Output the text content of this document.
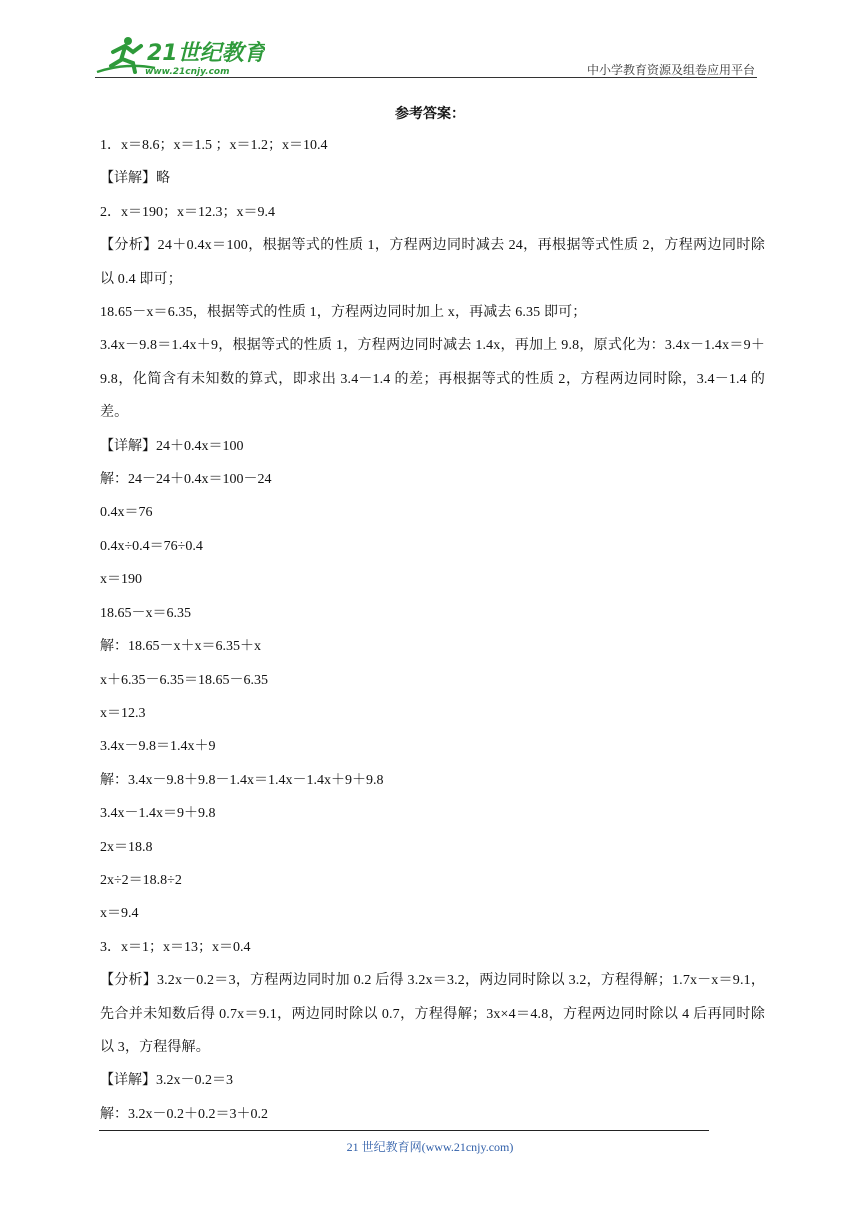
21世纪教育
www.21cnjy.com	中小学教育资源及组卷应用平台
参考答案：

1．x＝8.6；x＝1.5 ；x＝1.2；x＝10.4

【详解】略

2．x＝190；x＝12.3；x＝9.4

【分析】24＋0.4x＝100，根据等式的性质 1，方程两边同时减去 24，再根据等式性质 2，方程两边同时除以 0.4 即可；

18.65－x＝6.35，根据等式的性质 1，方程两边同时加上 x，再减去 6.35 即可；

3.4x－9.8＝1.4x＋9，根据等式的性质 1，方程两边同时减去 1.4x，再加上 9.8，原式化为：3.4x－1.4x＝9＋9.8，化简含有未知数的算式，即求出 3.4－1.4 的差；再根据等式的性质 2，方程两边同时除，3.4－1.4 的差。

【详解】24＋0.4x＝100

解：24－24＋0.4x＝100－24

0.4x＝76

0.4x÷0.4＝76÷0.4

x＝190

18.65－x＝6.35

解：18.65－x＋x＝6.35＋x

x＋6.35－6.35＝18.65－6.35

x＝12.3

3.4x－9.8＝1.4x＋9

解：3.4x－9.8＋9.8－1.4x＝1.4x－1.4x＋9＋9.8

3.4x－1.4x＝9＋9.8

2x＝18.8

2x÷2＝18.8÷2

x＝9.4

3．x＝1；x＝13；x＝0.4

【分析】3.2x－0.2＝3，方程两边同时加 0.2 后得 3.2x＝3.2，两边同时除以 3.2，方程得解；1.7x－x＝9.1，先合并未知数后得 0.7x＝9.1，两边同时除以 0.7，方程得解；3x×4＝4.8，方程两边同时除以 4 后再同时除以 3，方程得解。

【详解】3.2x－0.2＝3

解：3.2x－0.2＋0.2＝3＋0.2

21 世纪教育网(www.21cnjy.com)
